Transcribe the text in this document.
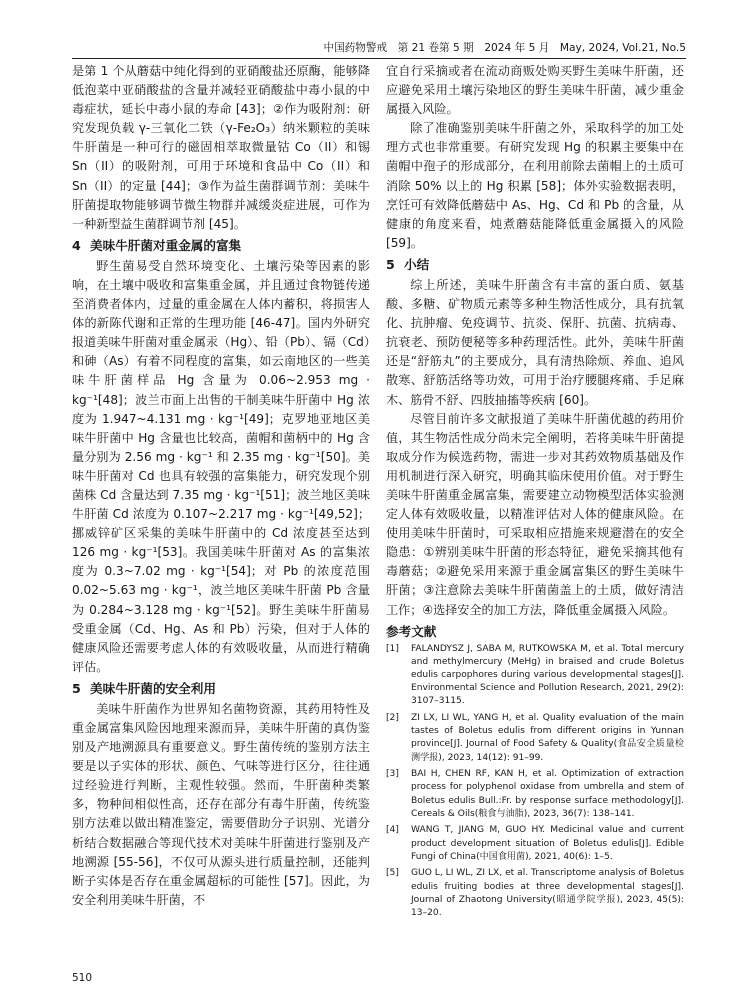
中国药物警戒　第 21 卷第 5 期　2024 年 5 月　May, 2024, Vol.21, No.5

是第 1 个从蘑菇中纯化得到的亚硝酸盐还原酶，能够降低泡菜中亚硝酸盐的含量并减轻亚硝酸盐中毒小鼠的中毒症状，延长中毒小鼠的寿命 [43]；②作为吸附剂：研究发现负载 γ-三氧化二铁（γ-Fe₂O₃）纳米颗粒的美味牛肝菌是一种可行的磁固相萃取微量钴 Co（II）和锡 Sn（II）的吸附剂，可用于环境和食品中 Co（II）和 Sn（II）的定量 [44]；③作为益生菌群调节剂：美味牛肝菌提取物能够调节微生物群并减缓炎症进展，可作为一种新型益生菌群调节剂 [45]。

4 美味牛肝菌对重金属的富集

野生菌易受自然环境变化、土壤污染等因素的影响，在土壤中吸收和富集重金属，并且通过食物链传递至消费者体内，过量的重金属在人体内蓄积，将损害人体的新陈代谢和正常的生理功能 [46-47]。国内外研究报道美味牛肝菌对重金属汞（Hg）、铅（Pb）、镉（Cd）和砷（As）有着不同程度的富集，如云南地区的一些美味牛肝菌样品 Hg 含量为 0.06~2.953 mg · kg⁻¹[48]；波兰市面上出售的干制美味牛肝菌中 Hg 浓度为 1.947~4.131 mg · kg⁻¹[49]；克罗地亚地区美味牛肝菌中 Hg 含量也比较高，菌帽和菌柄中的 Hg 含量分别为 2.56 mg · kg⁻¹ 和 2.35 mg · kg⁻¹[50]。美味牛肝菌对 Cd 也具有较强的富集能力，研究发现个别菌株 Cd 含量达到 7.35 mg · kg⁻¹[51]；波兰地区美味牛肝菌 Cd 浓度为 0.107~2.217 mg · kg⁻¹[49,52]；挪威锌矿区采集的美味牛肝菌中的 Cd 浓度甚至达到 126 mg · kg⁻¹[53]。我国美味牛肝菌对 As 的富集浓度为 0.3~7.02 mg · kg⁻¹[54]；对 Pb 的浓度范围 0.02~5.63 mg · kg⁻¹，波兰地区美味牛肝菌 Pb 含量为 0.284~3.128 mg · kg⁻¹[52]。野生美味牛肝菌易受重金属（Cd、Hg、As 和 Pb）污染，但对于人体的健康风险还需要考虑人体的有效吸收量，从而进行精确评估。

5 美味牛肝菌的安全利用

美味牛肝菌作为世界知名菌物资源，其药用特性及重金属富集风险因地理来源而异，美味牛肝菌的真伪鉴别及产地溯源具有重要意义。野生菌传统的鉴别方法主要是以子实体的形状、颜色、气味等进行区分，往往通过经验进行判断，主观性较强。然而，牛肝菌种类繁多，物种间相似性高，还存在部分有毒牛肝菌，传统鉴别方法难以做出精准鉴定，需要借助分子识别、光谱分析结合数据融合等现代技术对美味牛肝菌进行鉴别及产地溯源 [55-56]，不仅可从源头进行质量控制，还能判断子实体是否存在重金属超标的可能性 [57]。因此，为安全利用美味牛肝菌，不

宜自行采摘或者在流动商贩处购买野生美味牛肝菌，还应避免采用土壤污染地区的野生美味牛肝菌，减少重金属摄入风险。

除了准确鉴别美味牛肝菌之外，采取科学的加工处理方式也非常重要。有研究发现 Hg 的积累主要集中在菌帽中孢子的形成部分，在利用前除去菌帽上的土质可消除 50% 以上的 Hg 积累 [58]；体外实验数据表明，烹饪可有效降低蘑菇中 As、Hg、Cd 和 Pb 的含量，从健康的角度来看，炖煮蘑菇能降低重金属摄入的风险 [59]。

5 小结

综上所述，美味牛肝菌含有丰富的蛋白质、氨基酸、多糖、矿物质元素等多种生物活性成分，具有抗氧化、抗肿瘤、免疫调节、抗炎、保肝、抗菌、抗病毒、抗衰老、预防便秘等多种药理活性。此外，美味牛肝菌还是“舒筋丸”的主要成分，具有清热除烦、养血、追风散寒、舒筋活络等功效，可用于治疗腰腿疼痛、手足麻木、筋骨不舒、四肢抽搐等疾病 [60]。

尽管目前许多文献报道了美味牛肝菌优越的药用价值，其生物活性成分尚未完全阐明，若将美味牛肝菌提取成分作为候选药物，需进一步对其药效物质基础及作用机制进行深入研究，明确其临床使用价值。对于野生美味牛肝菌重金属富集，需要建立动物模型活体实验测定人体有效吸收量，以精准评估对人体的健康风险。在使用美味牛肝菌时，可采取相应措施来规避潜在的安全隐患：①辨别美味牛肝菌的形态特征，避免采摘其他有毒蘑菇；②避免采用来源于重金属富集区的野生美味牛肝菌；③注意除去美味牛肝菌菌盖上的土质，做好清洁工作；④选择安全的加工方法，降低重金属摄入风险。

参考文献
[1] FALANDYSZ J, SABA M, RUTKOWSKA M, et al. Total mercury and methylmercury (MeHg) in braised and crude Boletus edulis carpophores during various developmental stages[J]. Environmental Science and Pollution Research, 2021, 29(2): 3107–3115.
[2] ZI LX, LI WL, YANG H, et al. Quality evaluation of the main tastes of Boletus edulis from different origins in Yunnan province[J]. Journal of Food Safety & Quality(食品安全质量检测学报), 2023, 14(12): 91–99.
[3] BAI H, CHEN RF, KAN H, et al. Optimization of extraction process for polyphenol oxidase from umbrella and stem of Boletus edulis Bull.:Fr. by response surface methodology[J]. Cereals & Oils(粮食与油脂), 2023, 36(7): 138–141.
[4] WANG T, JIANG M, GUO HY. Medicinal value and current product development situation of Boletus edulis[J]. Edible Fungi of China(中国食用菌), 2021, 40(6): 1–5.
[5] GUO L, LI WL, ZI LX, et al. Transcriptome analysis of Boletus edulis fruiting bodies at three developmental stages[J]. Journal of Zhaotong University(昭通学院学报), 2023, 45(5): 13–20.
510
